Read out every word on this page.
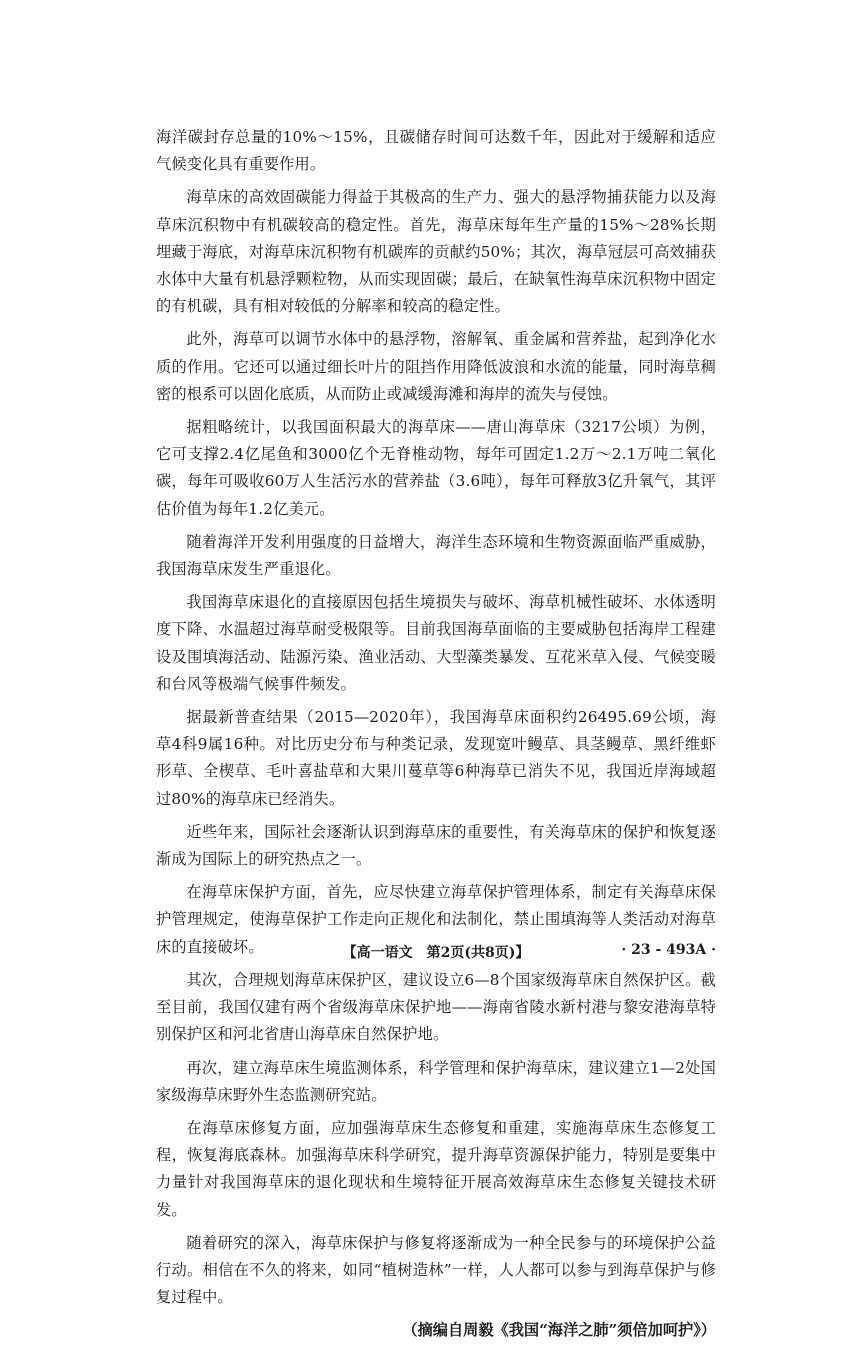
海洋碳封存总量的10%～15%，且碳储存时间可达数千年，因此对于缓解和适应气候变化具有重要作用。

海草床的高效固碳能力得益于其极高的生产力、强大的悬浮物捕获能力以及海草床沉积物中有机碳较高的稳定性。首先，海草床每年生产量的15%～28%长期埋藏于海底，对海草床沉积物有机碳库的贡献约50%；其次，海草冠层可高效捕获水体中大量有机悬浮颗粒物，从而实现固碳；最后，在缺氧性海草床沉积物中固定的有机碳，具有相对较低的分解率和较高的稳定性。

此外，海草可以调节水体中的悬浮物，溶解氧、重金属和营养盐，起到净化水质的作用。它还可以通过细长叶片的阻挡作用降低波浪和水流的能量，同时海草稠密的根系可以固化底质，从而防止或减缓海滩和海岸的流失与侵蚀。

据粗略统计，以我国面积最大的海草床——唐山海草床（3217公顷）为例，它可支撑2.4亿尾鱼和3000亿个无脊椎动物，每年可固定1.2万～2.1万吨二氧化碳，每年可吸收60万人生活污水的营养盐（3.6吨），每年可释放3亿升氧气，其评估价值为每年1.2亿美元。

随着海洋开发利用强度的日益增大，海洋生态环境和生物资源面临严重威胁，我国海草床发生严重退化。

我国海草床退化的直接原因包括生境损失与破坏、海草机械性破坏、水体透明度下降、水温超过海草耐受极限等。目前我国海草面临的主要威胁包括海岸工程建设及围填海活动、陆源污染、渔业活动、大型藻类暴发、互花米草入侵、气候变暖和台风等极端气候事件频发。

据最新普查结果（2015—2020年），我国海草床面积约26495.69公顷，海草4科9属16种。对比历史分布与种类记录，发现宽叶鳗草、具茎鳗草、黑纤维虾形草、全楔草、毛叶喜盐草和大果川蔓草等6种海草已消失不见，我国近岸海域超过80%的海草床已经消失。

近些年来，国际社会逐渐认识到海草床的重要性，有关海草床的保护和恢复逐渐成为国际上的研究热点之一。

在海草床保护方面，首先，应尽快建立海草保护管理体系，制定有关海草床保护管理规定，使海草保护工作走向正规化和法制化，禁止围填海等人类活动对海草床的直接破坏。

其次，合理规划海草床保护区，建议设立6—8个国家级海草床自然保护区。截至目前，我国仅建有两个省级海草床保护地——海南省陵水新村港与黎安港海草特别保护区和河北省唐山海草床自然保护地。

再次，建立海草床生境监测体系，科学管理和保护海草床，建议建立1—2处国家级海草床野外生态监测研究站。

在海草床修复方面，应加强海草床生态修复和重建，实施海草床生态修复工程，恢复海底森林。加强海草床科学研究，提升海草资源保护能力，特别是要集中力量针对我国海草床的退化现状和生境特征开展高效海草床生态修复关键技术研发。

随着研究的深入，海草床保护与修复将逐渐成为一种全民参与的环境保护公益行动。相信在不久的将来，如同“植树造林”一样，人人都可以参与到海草保护与修复过程中。

（摘编自周毅《我国“海洋之肺”须倍加呵护》）
【高一语文　第2页(共8页)】	· 23 - 493A ·
